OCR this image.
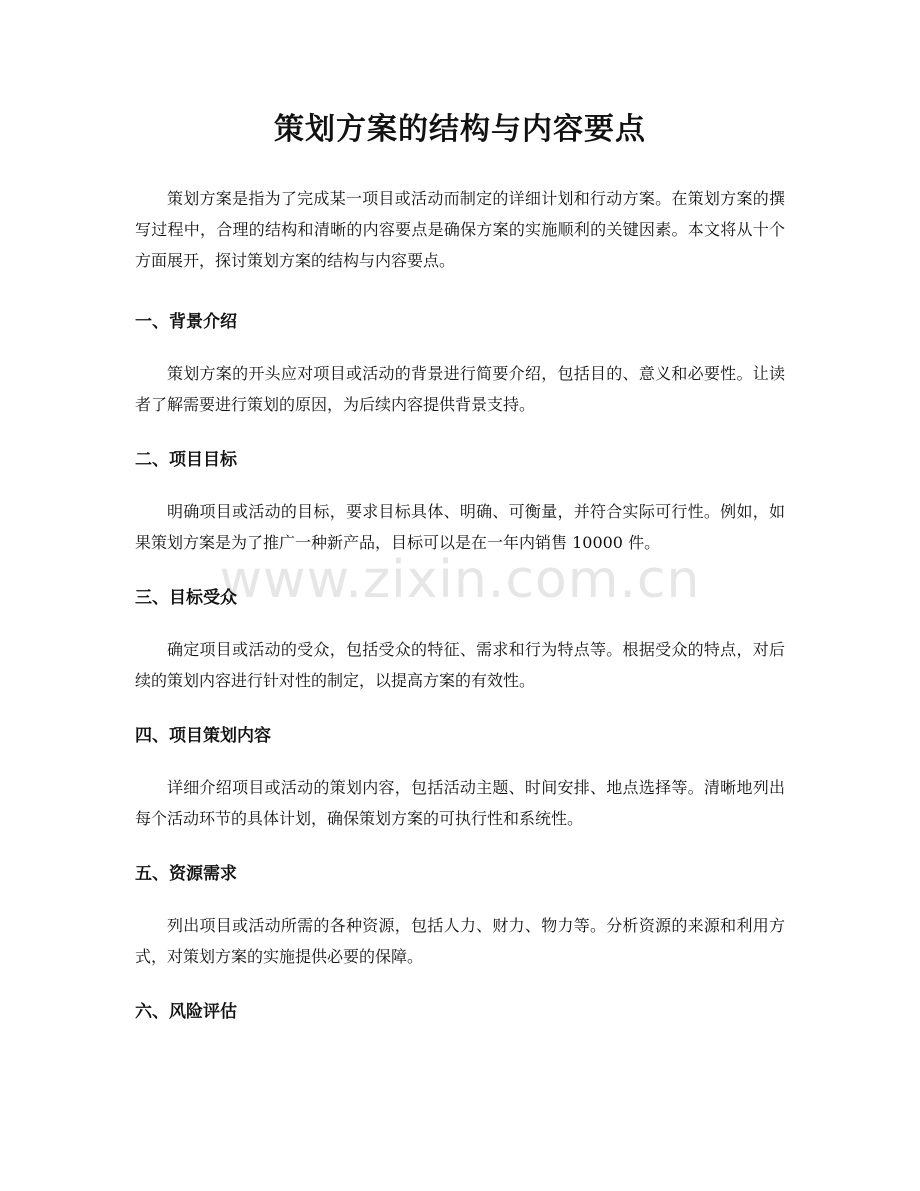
www.zixin.com.cn
策划方案的结构与内容要点

策划方案是指为了完成某一项目或活动而制定的详细计划和行动方案。在策划方案的撰写过程中，合理的结构和清晰的内容要点是确保方案的实施顺利的关键因素。本文将从十个方面展开，探讨策划方案的结构与内容要点。

一、背景介绍

策划方案的开头应对项目或活动的背景进行简要介绍，包括目的、意义和必要性。让读者了解需要进行策划的原因，为后续内容提供背景支持。

二、项目目标

明确项目或活动的目标，要求目标具体、明确、可衡量，并符合实际可行性。例如，如果策划方案是为了推广一种新产品，目标可以是在一年内销售 10000 件。

三、目标受众

确定项目或活动的受众，包括受众的特征、需求和行为特点等。根据受众的特点，对后续的策划内容进行针对性的制定，以提高方案的有效性。

四、项目策划内容

详细介绍项目或活动的策划内容，包括活动主题、时间安排、地点选择等。清晰地列出每个活动环节的具体计划，确保策划方案的可执行性和系统性。

五、资源需求

列出项目或活动所需的各种资源，包括人力、财力、物力等。分析资源的来源和利用方式，对策划方案的实施提供必要的保障。

六、风险评估
